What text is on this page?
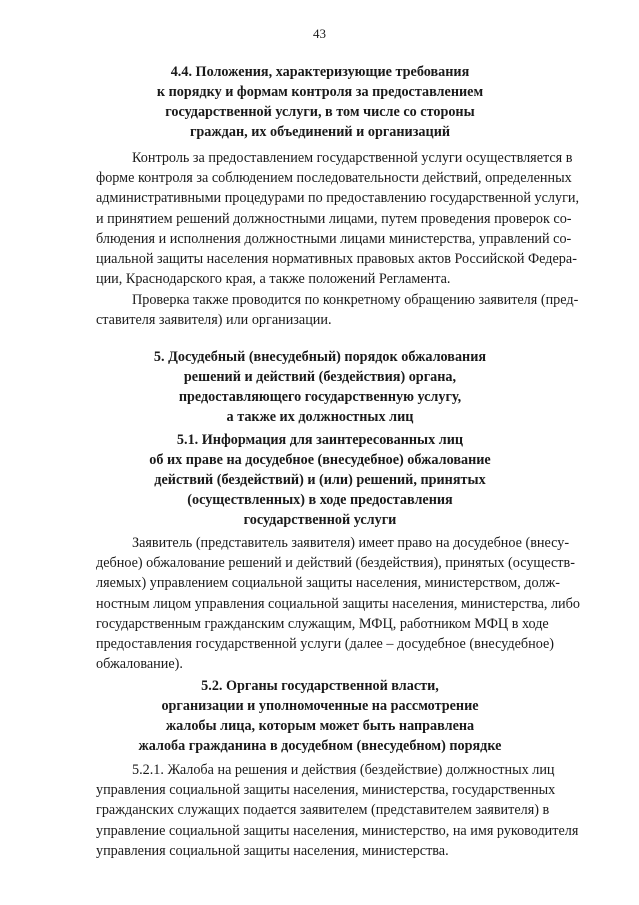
43
4.4. Положения, характеризующие требования
к порядку и формам контроля за предоставлением
государственной услуги, в том числе со стороны
граждан, их объединений и организаций

Контроль за предоставлением государственной услуги осуществляется в
форме контроля за соблюдением последовательности действий, определенных
административными процедурами по предоставлению государственной услуги,
и принятием решений должностными лицами, путем проведения проверок со-
блюдения и исполнения должностными лицами министерства, управлений со-
циальной защиты населения нормативных правовых актов Российской Федера-
ции, Краснодарского края, а также положений Регламента.

Проверка также проводится по конкретному обращению заявителя (пред-
ставителя заявителя) или организации.

5. Досудебный (внесудебный) порядок обжалования
решений и действий (бездействия) органа,
предоставляющего государственную услугу,
а также их должностных лиц
5.1. Информация для заинтересованных лиц
об их праве на досудебное (внесудебное) обжалование
действий (бездействий) и (или) решений, принятых
(осуществленных) в ходе предоставления
государственной услуги

Заявитель (представитель заявителя) имеет право на досудебное (внесу-
дебное) обжалование решений и действий (бездействия), принятых (осуществ-
ляемых) управлением социальной защиты населения, министерством, долж-
ностным лицом управления социальной защиты населения, министерства, либо
государственным гражданским служащим, МФЦ, работником МФЦ в ходе
предоставления государственной услуги (далее – досудебное (внесудебное)
обжалование).

5.2. Органы государственной власти,
организации и уполномоченные на рассмотрение
жалобы лица, которым может быть направлена
жалоба гражданина в досудебном (внесудебном) порядке

5.2.1. Жалоба на решения и действия (бездействие) должностных лиц
управления социальной защиты населения, министерства, государственных
гражданских служащих подается заявителем (представителем заявителя) в
управление социальной защиты населения, министерство, на имя руководителя
управления социальной защиты населения, министерства.
